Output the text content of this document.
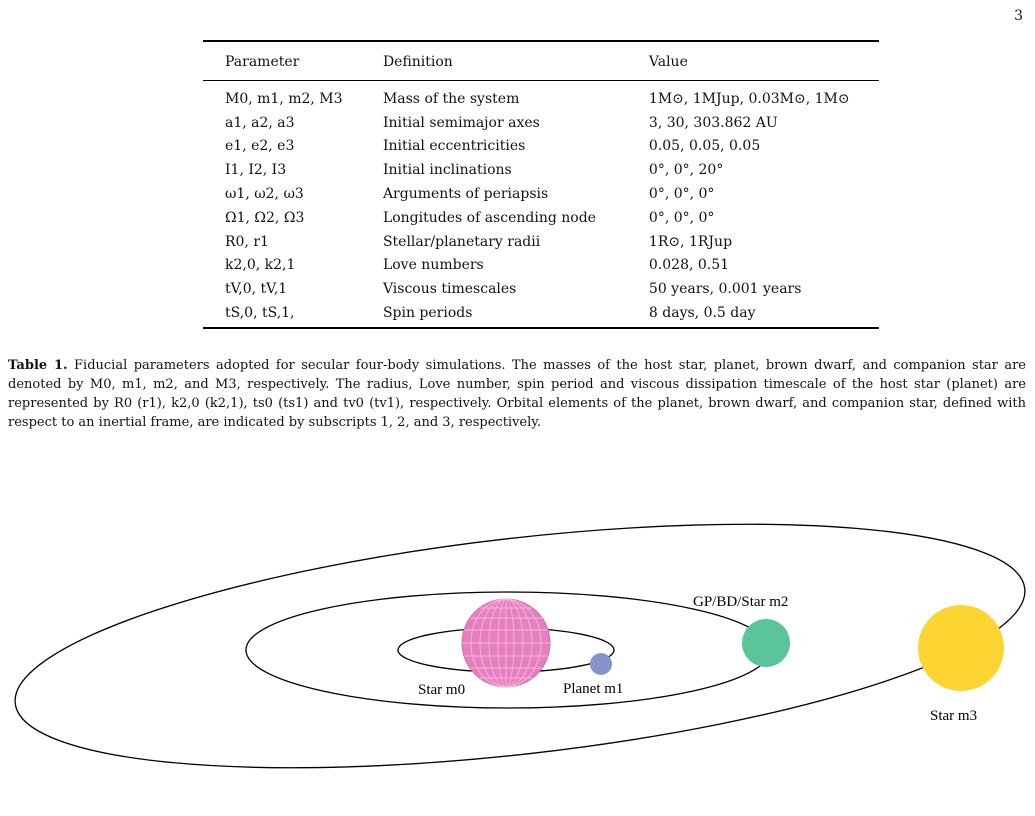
3
Parameter	Definition	Value
M0, m1, m2, M3	Mass of the system	1M⊙, 1MJup, 0.03M⊙, 1M⊙
a1, a2, a3	Initial semimajor axes	3, 30, 303.862 AU
e1, e2, e3	Initial eccentricities	0.05, 0.05, 0.05
I1, I2, I3	Initial inclinations	0°, 0°, 20°
ω1, ω2, ω3	Arguments of periapsis	0°, 0°, 0°
Ω1, Ω2, Ω3	Longitudes of ascending node	0°, 0°, 0°
R0, r1	Stellar/planetary radii	1R⊙, 1RJup
k2,0, k2,1	Love numbers	0.028, 0.51
tV,0, tV,1	Viscous timescales	50 years, 0.001 years
tS,0, tS,1,	Spin periods	8 days, 0.5 day
Table 1. Fiducial parameters adopted for secular four-body simulations. The masses of the host star, planet, brown dwarf, and companion star are denoted by M0, m1, m2, and M3, respectively. The radius, Love number, spin period and viscous dissipation timescale of the host star (planet) are represented by R0 (r1), k2,0 (k2,1), ts0 (ts1) and tv0 (tv1), respectively. Orbital elements of the planet, brown dwarf, and companion star, defined with respect to an inertial frame, are indicated by subscripts 1, 2, and 3, respectively.
Star m0	Planet m1
GP/BD/Star m2
Star m3
